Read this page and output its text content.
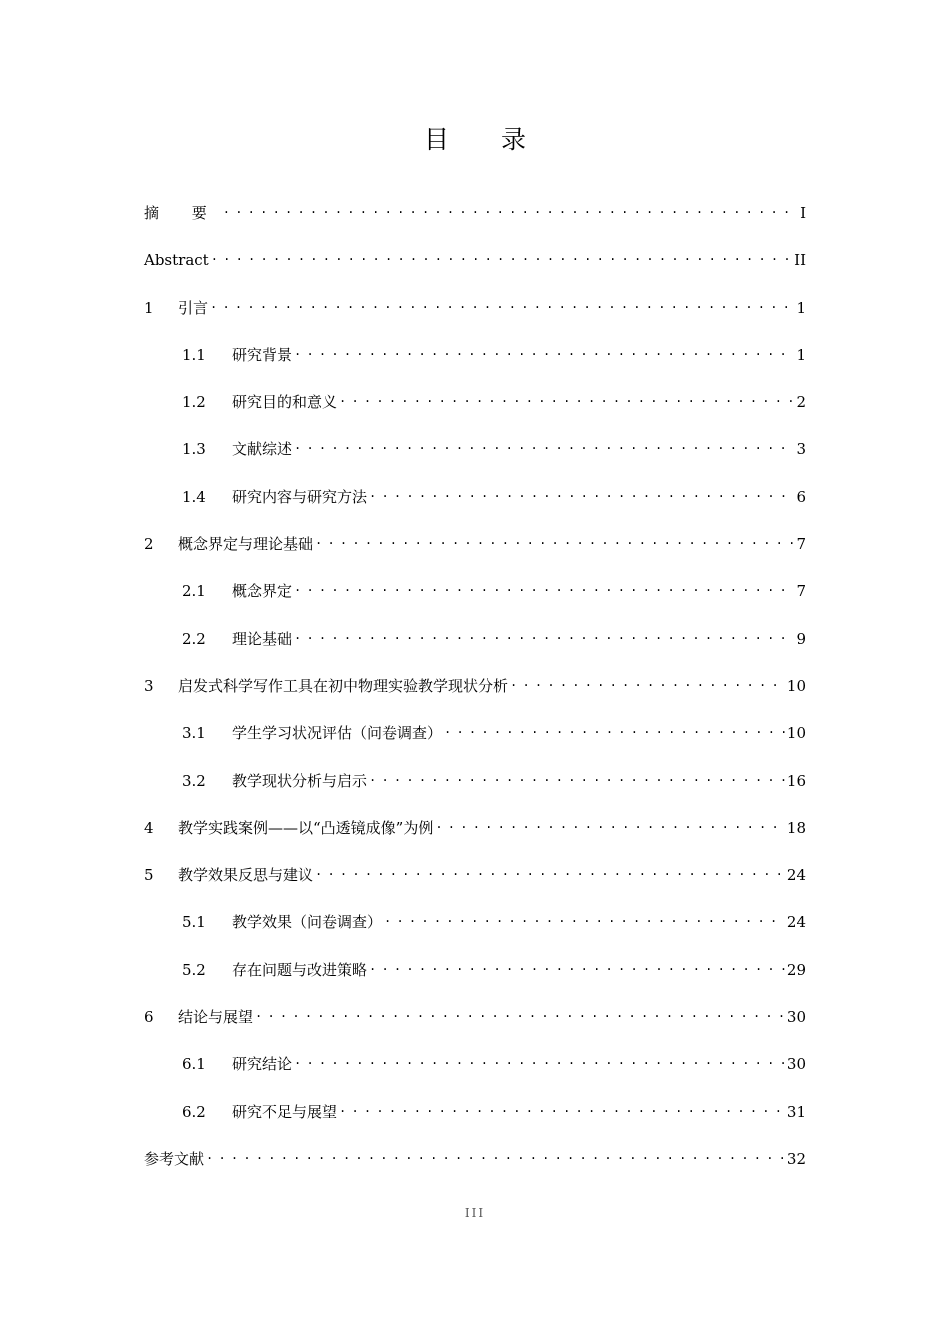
目 录
摘 要 . . .	I
Abstract . . .	II
1	引言 . . .	1
1.1	研究背景 . . .	1
1.2	研究目的和意义 . . .	2
1.3	文献综述 . . .	3
1.4	研究内容与研究方法 . . .	6
2	概念界定与理论基础 . . .	7
2.1	概念界定 . . .	7
2.2	理论基础 . . .	9
3	启发式科学写作工具在初中物理实验教学现状分析 . . .	10
3.1	学生学习状况评估（问卷调查） . . .	10
3.2	教学现状分析与启示 . . .	16
4	教学实践案例——以“凸透镜成像”为例 . . .	18
5	教学效果反思与建议 . . .	24
5.1	教学效果（问卷调查） . . .	24
5.2	存在问题与改进策略 . . .	29
6	结论与展望 . . .	30
6.1	研究结论 . . .	30
6.2	研究不足与展望 . . .	31
参考文献 . . .	32
III
